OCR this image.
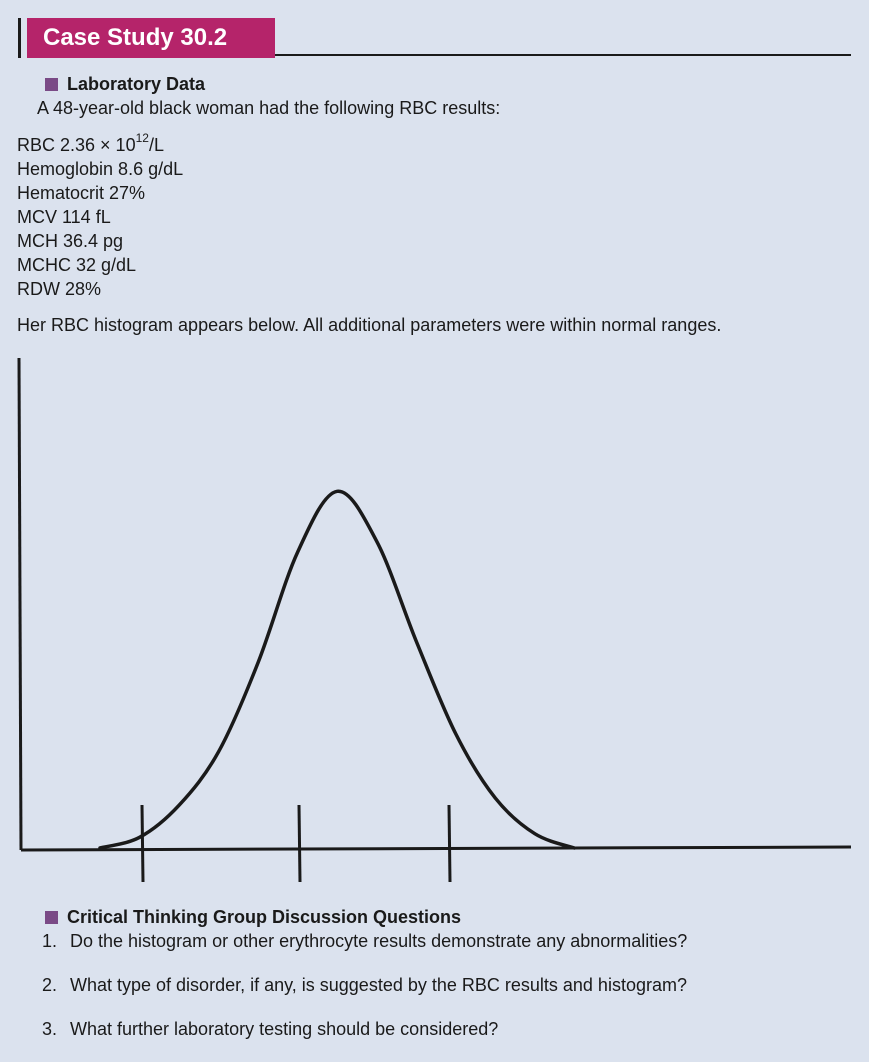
Case Study 30.2
Laboratory Data
A 48-year-old black woman had the following RBC results:
RBC $2.36 \times 10^{12}/L$
Hemoglobin 8.6 g/dL
Hematocrit 27%
MCV 114 fL
MCH 36.4 pg
MCHC 32 g/dL
RDW 28%
Her RBC histogram appears below. All additional parameters were within normal ranges.
Critical Thinking Group Discussion Questions
1. Do the histogram or other erythrocyte results demonstrate any abnormalities?
2. What type of disorder, if any, is suggested by the RBC results and histogram?
3. What further laboratory testing should be considered?
